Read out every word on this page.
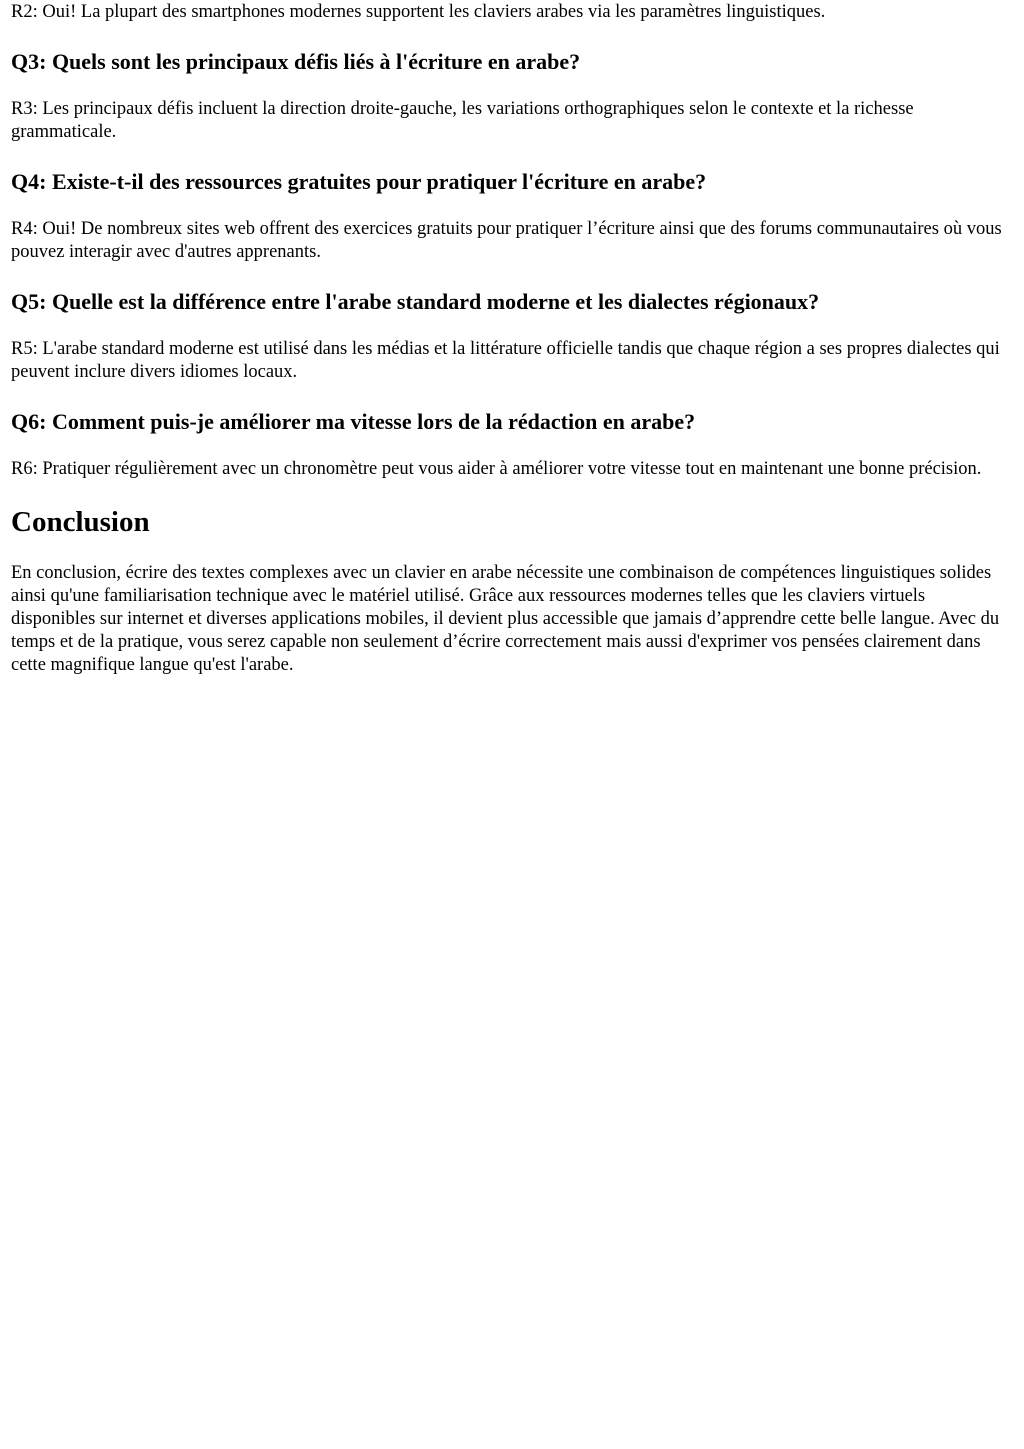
R2: Oui! La plupart des smartphones modernes supportent les claviers arabes via les paramètres linguistiques.

Q3: Quels sont les principaux défis liés à l'écriture en arabe?

R3: Les principaux défis incluent la direction droite-gauche, les variations orthographiques selon le contexte et la richesse grammaticale.

Q4: Existe-t-il des ressources gratuites pour pratiquer l'écriture en arabe?

R4: Oui! De nombreux sites web offrent des exercices gratuits pour pratiquer l’écriture ainsi que des forums communautaires où vous pouvez interagir avec d'autres apprenants.

Q5: Quelle est la différence entre l'arabe standard moderne et les dialectes régionaux?

R5: L'arabe standard moderne est utilisé dans les médias et la littérature officielle tandis que chaque région a ses propres dialectes qui peuvent inclure divers idiomes locaux.

Q6: Comment puis-je améliorer ma vitesse lors de la rédaction en arabe?

R6: Pratiquer régulièrement avec un chronomètre peut vous aider à améliorer votre vitesse tout en maintenant une bonne précision.

Conclusion

En conclusion, écrire des textes complexes avec un clavier en arabe nécessite une combinaison de compétences linguistiques solides ainsi qu'une familiarisation technique avec le matériel utilisé. Grâce aux ressources modernes telles que les claviers virtuels disponibles sur internet et diverses applications mobiles, il devient plus accessible que jamais d’apprendre cette belle langue. Avec du temps et de la pratique, vous serez capable non seulement d’écrire correctement mais aussi d'exprimer vos pensées clairement dans cette magnifique langue qu'est l'arabe.
